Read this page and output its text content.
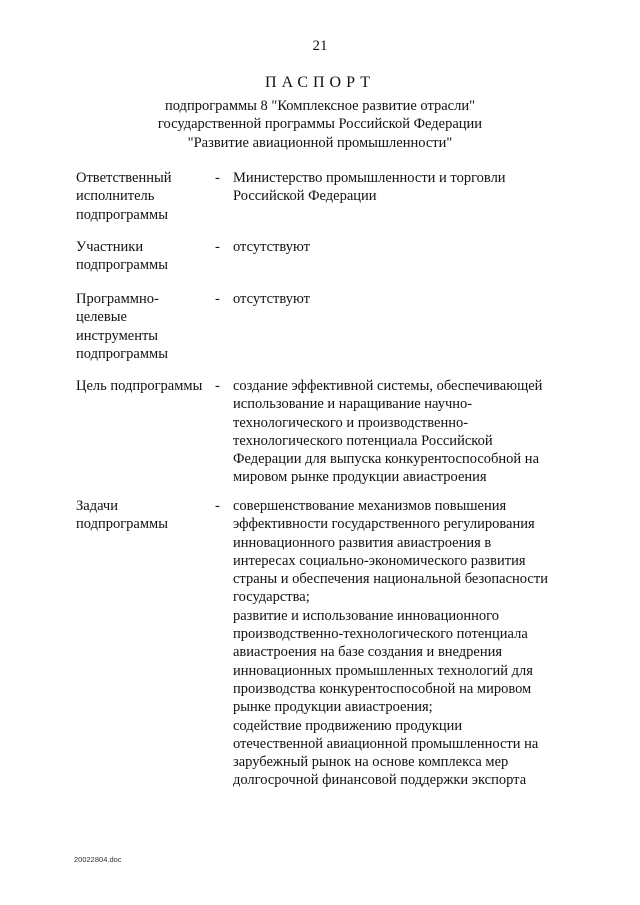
21
ПАСПОРТ
подпрограммы 8 "Комплексное развитие отрасли"
государственной программы Российской Федерации
"Развитие авиационной промышленности"
Ответственный
исполнитель
подпрограммы
- Министерство промышленности и торговли
Российской Федерации
Участники
подпрограммы
- отсутствуют
Программно-
целевые
инструменты
подпрограммы
- отсутствуют
Цель подпрограммы - создание эффективной системы, обеспечивающей
использование и наращивание научно-
технологического и производственно-
технологического потенциала Российской
Федерации для выпуска конкурентоспособной на
мировом рынке продукции авиастроения
Задачи
подпрограммы
- совершенствование механизмов повышения
эффективности государственного регулирования
инновационного развития авиастроения в
интересах социально-экономического развития
страны и обеспечения национальной безопасности
государства;
развитие и использование инновационного
производственно-технологического потенциала
авиастроения на базе создания и внедрения
инновационных промышленных технологий для
производства конкурентоспособной на мировом
рынке продукции авиастроения;
содействие продвижению продукции
отечественной авиационной промышленности на
зарубежный рынок на основе комплекса мер
долгосрочной финансовой поддержки экспорта
20022804.doc
